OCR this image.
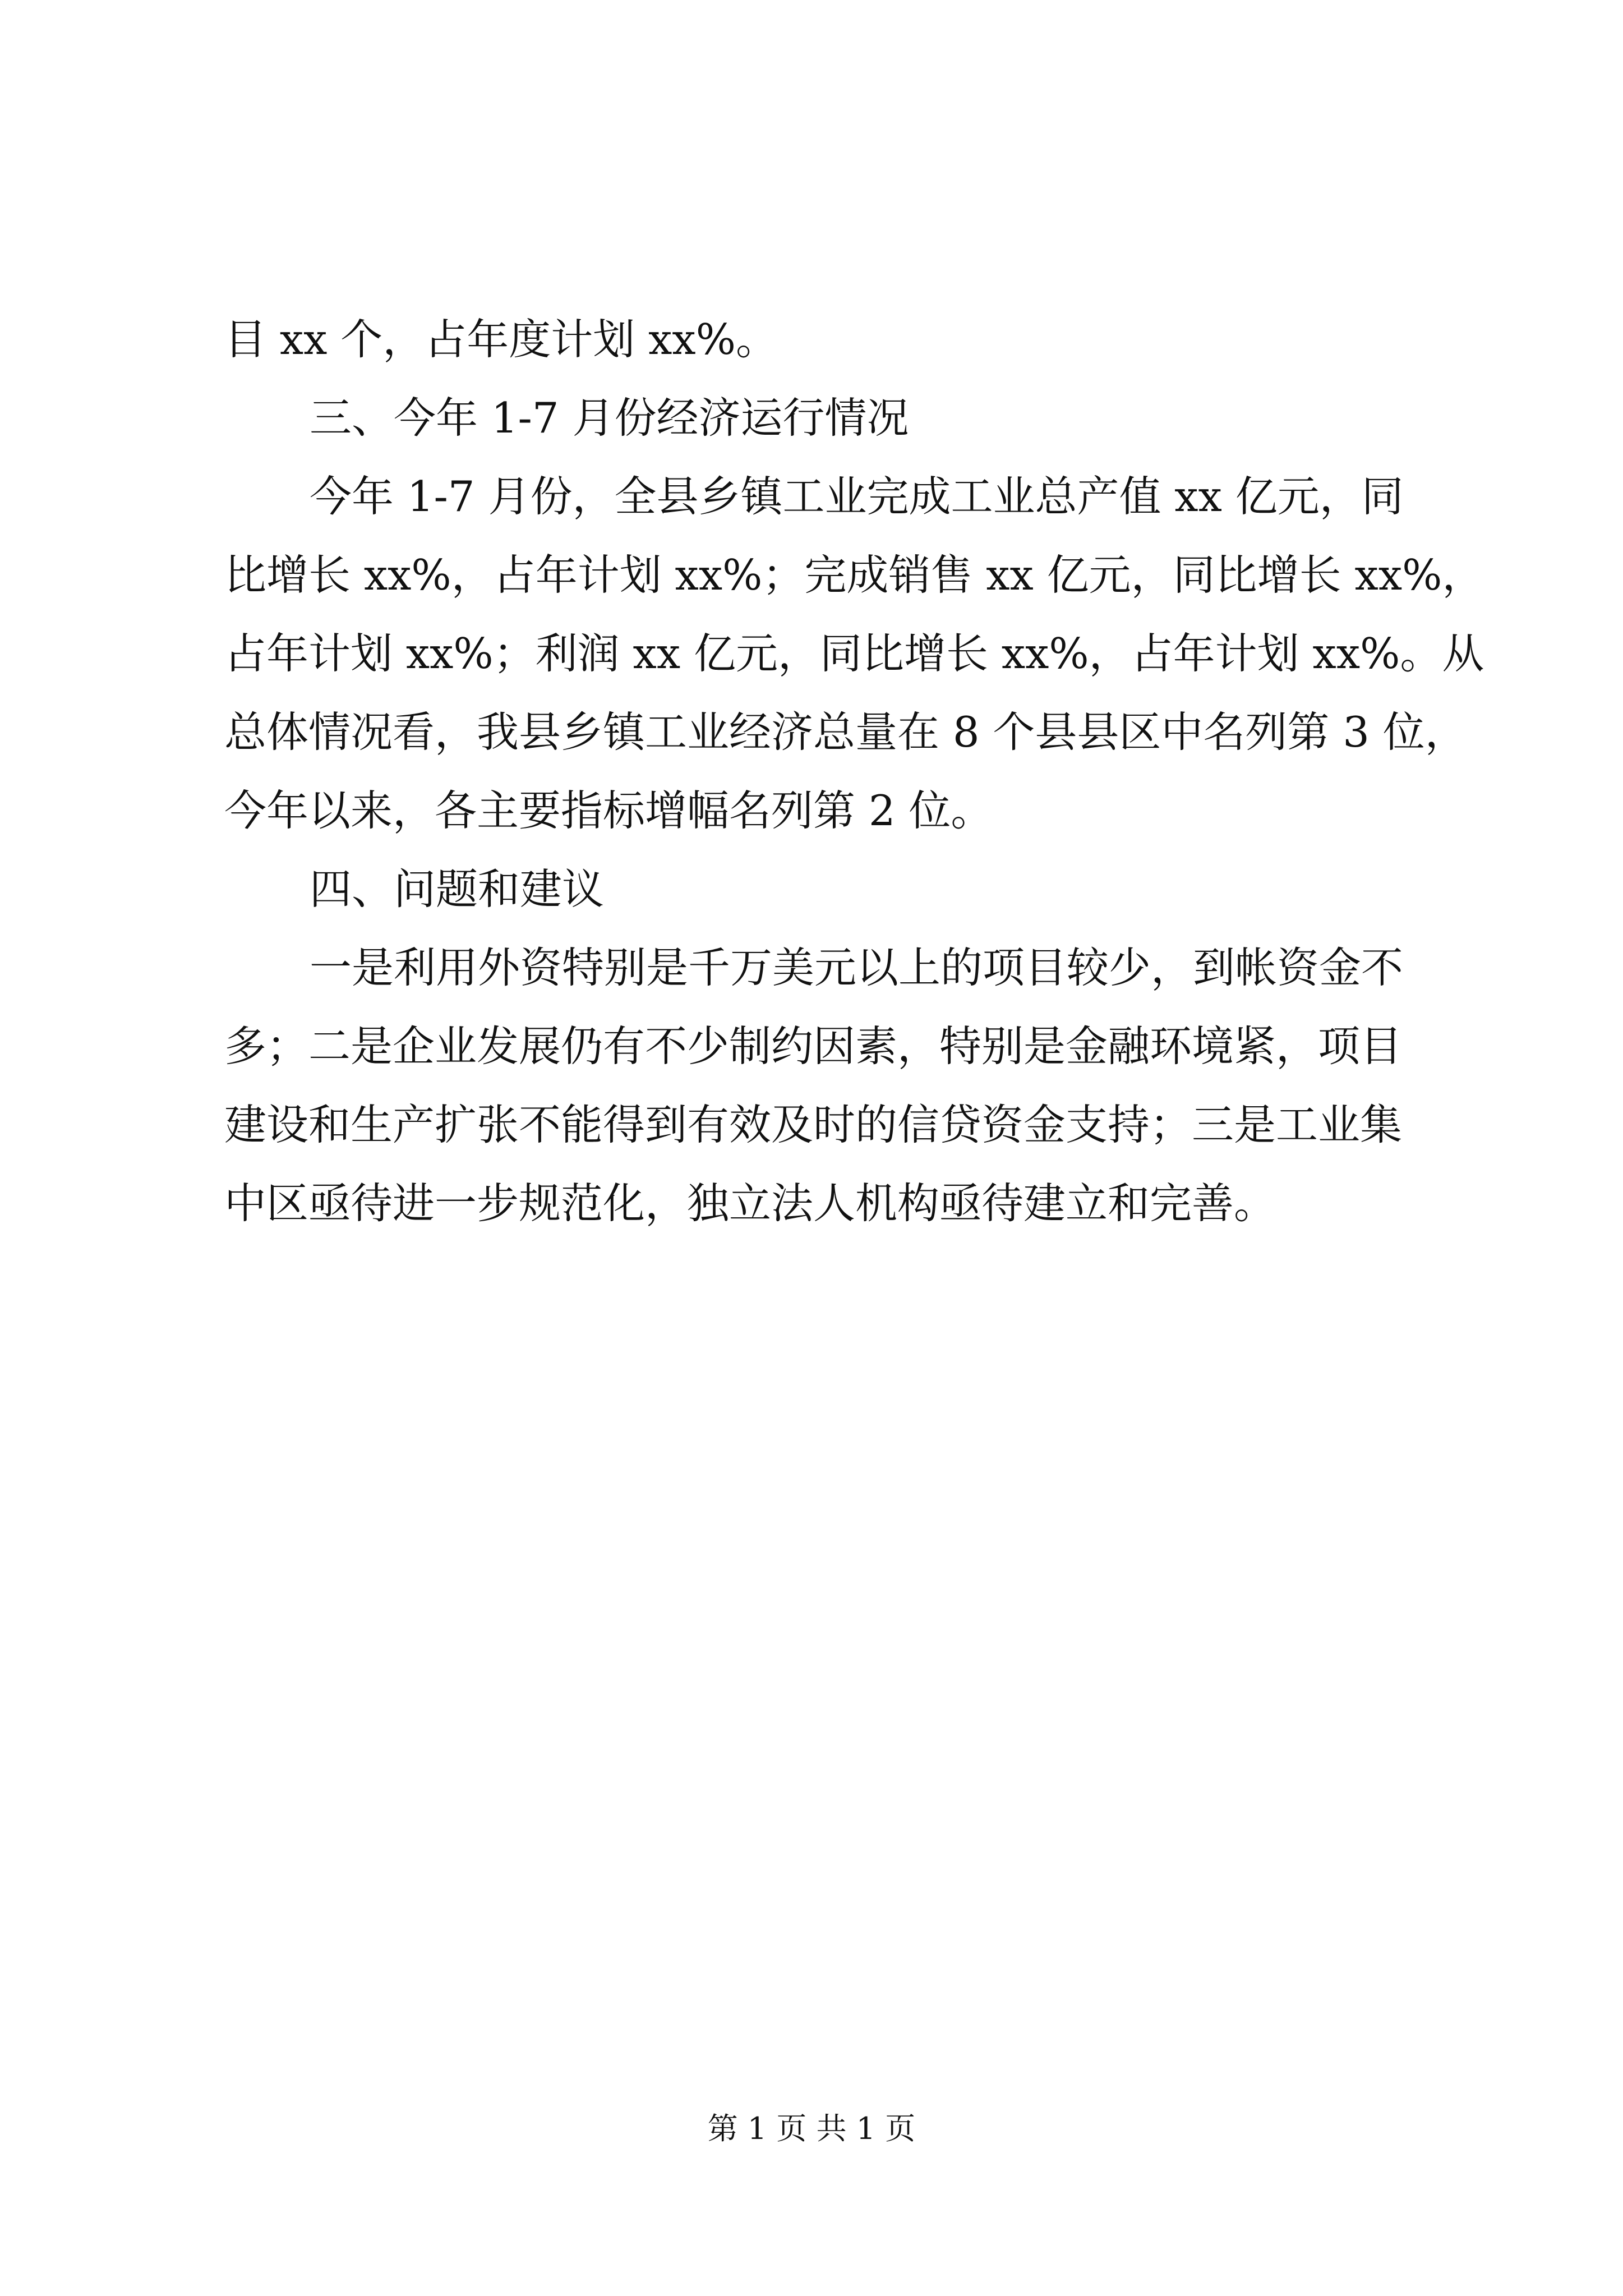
目 xx 个，占年度计划 xx%。

三、今年 1-7 月份经济运行情况

今年 1-7 月份，全县乡镇工业完成工业总产值 xx 亿元，同

比增长 xx%，占年计划 xx%；完成销售 xx 亿元，同比增长 xx%，

占年计划 xx%；利润 xx 亿元，同比增长 xx%，占年计划 xx%。从

总体情况看，我县乡镇工业经济总量在 8 个县县区中名列第 3 位，

今年以来，各主要指标增幅名列第 2 位。

四、问题和建议

一是利用外资特别是千万美元以上的项目较少，到帐资金不

多；二是企业发展仍有不少制约因素，特别是金融环境紧，项目

建设和生产扩张不能得到有效及时的信贷资金支持；三是工业集

中区亟待进一步规范化，独立法人机构亟待建立和完善。

第 1 页 共 1 页
